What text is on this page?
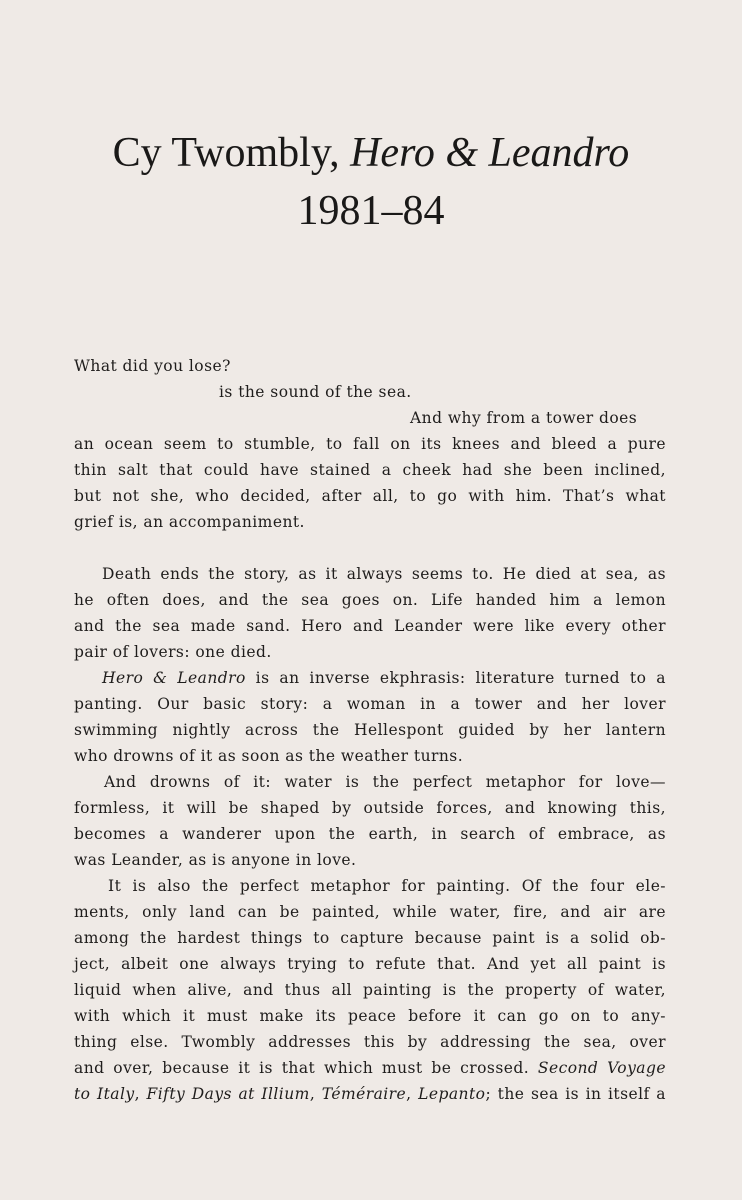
Cy Twombly, Hero & Leandro
1981–84
What did you lose?
is the sound of the sea.
And why from a tower does
an ocean seem to stumble, to fall on its knees and bleed a pure
thin salt that could have stained a cheek had she been inclined,
but not she, who decided, after all, to go with him. That’s what
grief is, an accompaniment.
Death ends the story, as it always seems to. He died at sea, as
he often does, and the sea goes on. Life handed him a lemon
and the sea made sand. Hero and Leander were like every other
pair of lovers: one died.
Hero & Leandro is an inverse ekphrasis: literature turned to a
panting. Our basic story: a woman in a tower and her lover
swimming nightly across the Hellespont guided by her lantern
who drowns of it as soon as the weather turns.
And drowns of it: water is the perfect metaphor for love—
formless, it will be shaped by outside forces, and knowing this,
becomes a wanderer upon the earth, in search of embrace, as
was Leander, as is anyone in love.
It is also the perfect metaphor for painting. Of the four ele-
ments, only land can be painted, while water, fire, and air are
among the hardest things to capture because paint is a solid ob-
ject, albeit one always trying to refute that. And yet all paint is
liquid when alive, and thus all painting is the property of water,
with which it must make its peace before it can go on to any-
thing else. Twombly addresses this by addressing the sea, over
and over, because it is that which must be crossed. Second Voyage
to Italy, Fifty Days at Illium, Téméraire, Lepanto; the sea is in itself a
